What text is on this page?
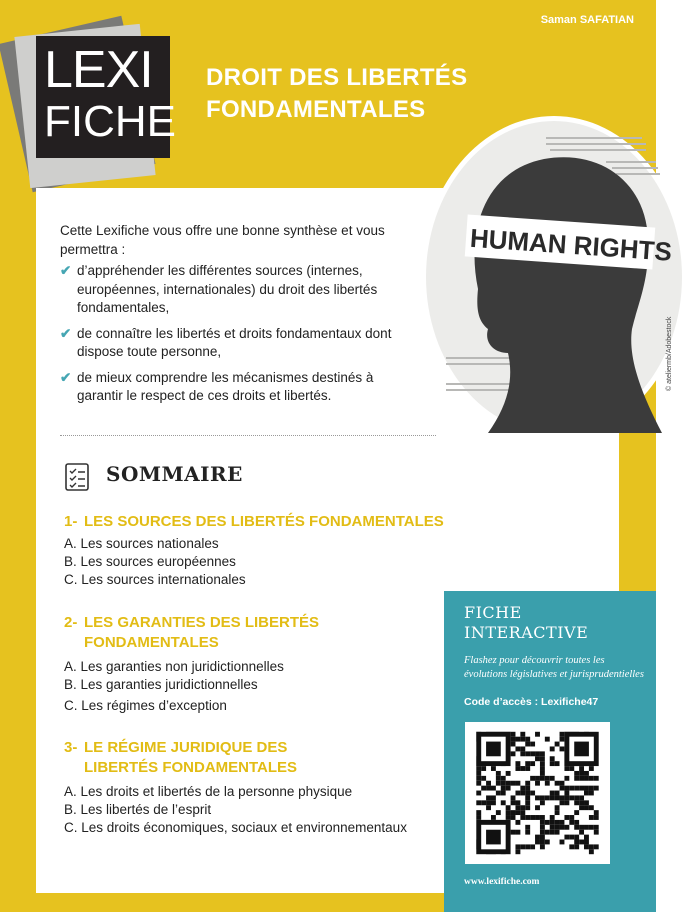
Saman SAFATIAN
LEXI
FICHE
DROIT DES LIBERTÉS
FONDAMENTALES
HUMAN RIGHTS
© ateliermb/Adobestock

Cette Lexifiche vous offre une bonne synthèse et vous permettra :

✔ d’appréhender les différentes sources (internes, européennes, internationales) du droit des libertés fondamentales,
✔ de connaître les libertés et droits fondamentaux dont dispose toute personne,
✔ de mieux comprendre les mécanismes destinés à garantir le respect de ces droits et libertés.
SOMMAIRE
1- LES SOURCES DES LIBERTÉS FONDAMENTALES
A. Les sources nationales
B. Les sources européennes
C. Les sources internationales
2- LES GARANTIES DES LIBERTÉS
FONDAMENTALES
A. Les garanties non juridictionnelles
B. Les garanties juridictionnelles
C. Les régimes d’exception
3- LE RÉGIME JURIDIQUE DES
LIBERTÉS FONDAMENTALES
A. Les droits et libertés de la personne physique
B. Les libertés de l’esprit
C. Les droits économiques, sociaux et environnementaux
FICHE
INTERACTIVE
Flashez pour découvrir toutes les évolutions législatives et jurisprudentielles
Code d’accès : Lexifiche47
www.lexifiche.com
